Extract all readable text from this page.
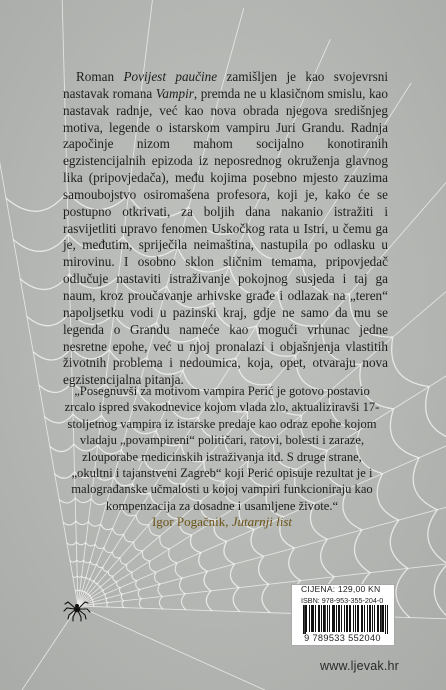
Roman Povijest paučine zamišljen je kao svojevrsni nastavak romana Vampir, premda ne u klasičnom smislu, kao nastavak radnje, već kao nova obrada njegova središnjeg motiva, legende o istarskom vampiru Juri Grandu. Radnja započinje nizom mahom socijalno konotiranih egzistencijalnih epizoda iz neposrednog okruženja glavnog lika (pripovjedača), među kojima posebno mjesto zauzima samoubojstvo osiromašena profesora, koji je, kako će se postupno otkrivati, za boljih dana nakanio istražiti i rasvijetliti upravo fenomen Uskočkog rata u Istri, u čemu ga je, međutim, spriječila neimaština, nastupila po odlasku u mirovinu. I osobno sklon sličnim temama, pripovjedač odlučuje nastaviti istraživanje pokojnog susjeda i taj ga naum, kroz proučavanje arhivske građe i odlazak na „teren“ napoljsetku vodi u pazinski kraj, gdje ne samo da mu se legenda o Grandu nameće kao mogući vrhunac jedne nesretne epohe, već u njoj pronalazi i objašnjenja vlastitih životnih problema i nedoumica, koja, opet, otvaraju nova egzistencijalna pitanja.

„Posegnuvši za motivom vampira Perić je gotovo postavio zrcalo ispred svakodnevice kojom vlada zlo, aktualiziravši 17-stoljetnog vampira iz istarske predaje kao odraz epohe kojom vladaju „povampireni“ političari, ratovi, bolesti i zaraze, zlouporabe medicinskih istraživanja itd. S druge strane, „okultni i tajanstveni Zagreb“ koji Perić opisuje rezultat je i malograđanske učmalosti u kojoj vampiri funkcioniraju kao kompenzacija za dosadne i usamljene živote.“

Igor Pogačnik, Jutarnji list

CIJENA: 129,00 KN
ISBN: 978-953-355-204-0
9 789533 552040
www.ljevak.hr
